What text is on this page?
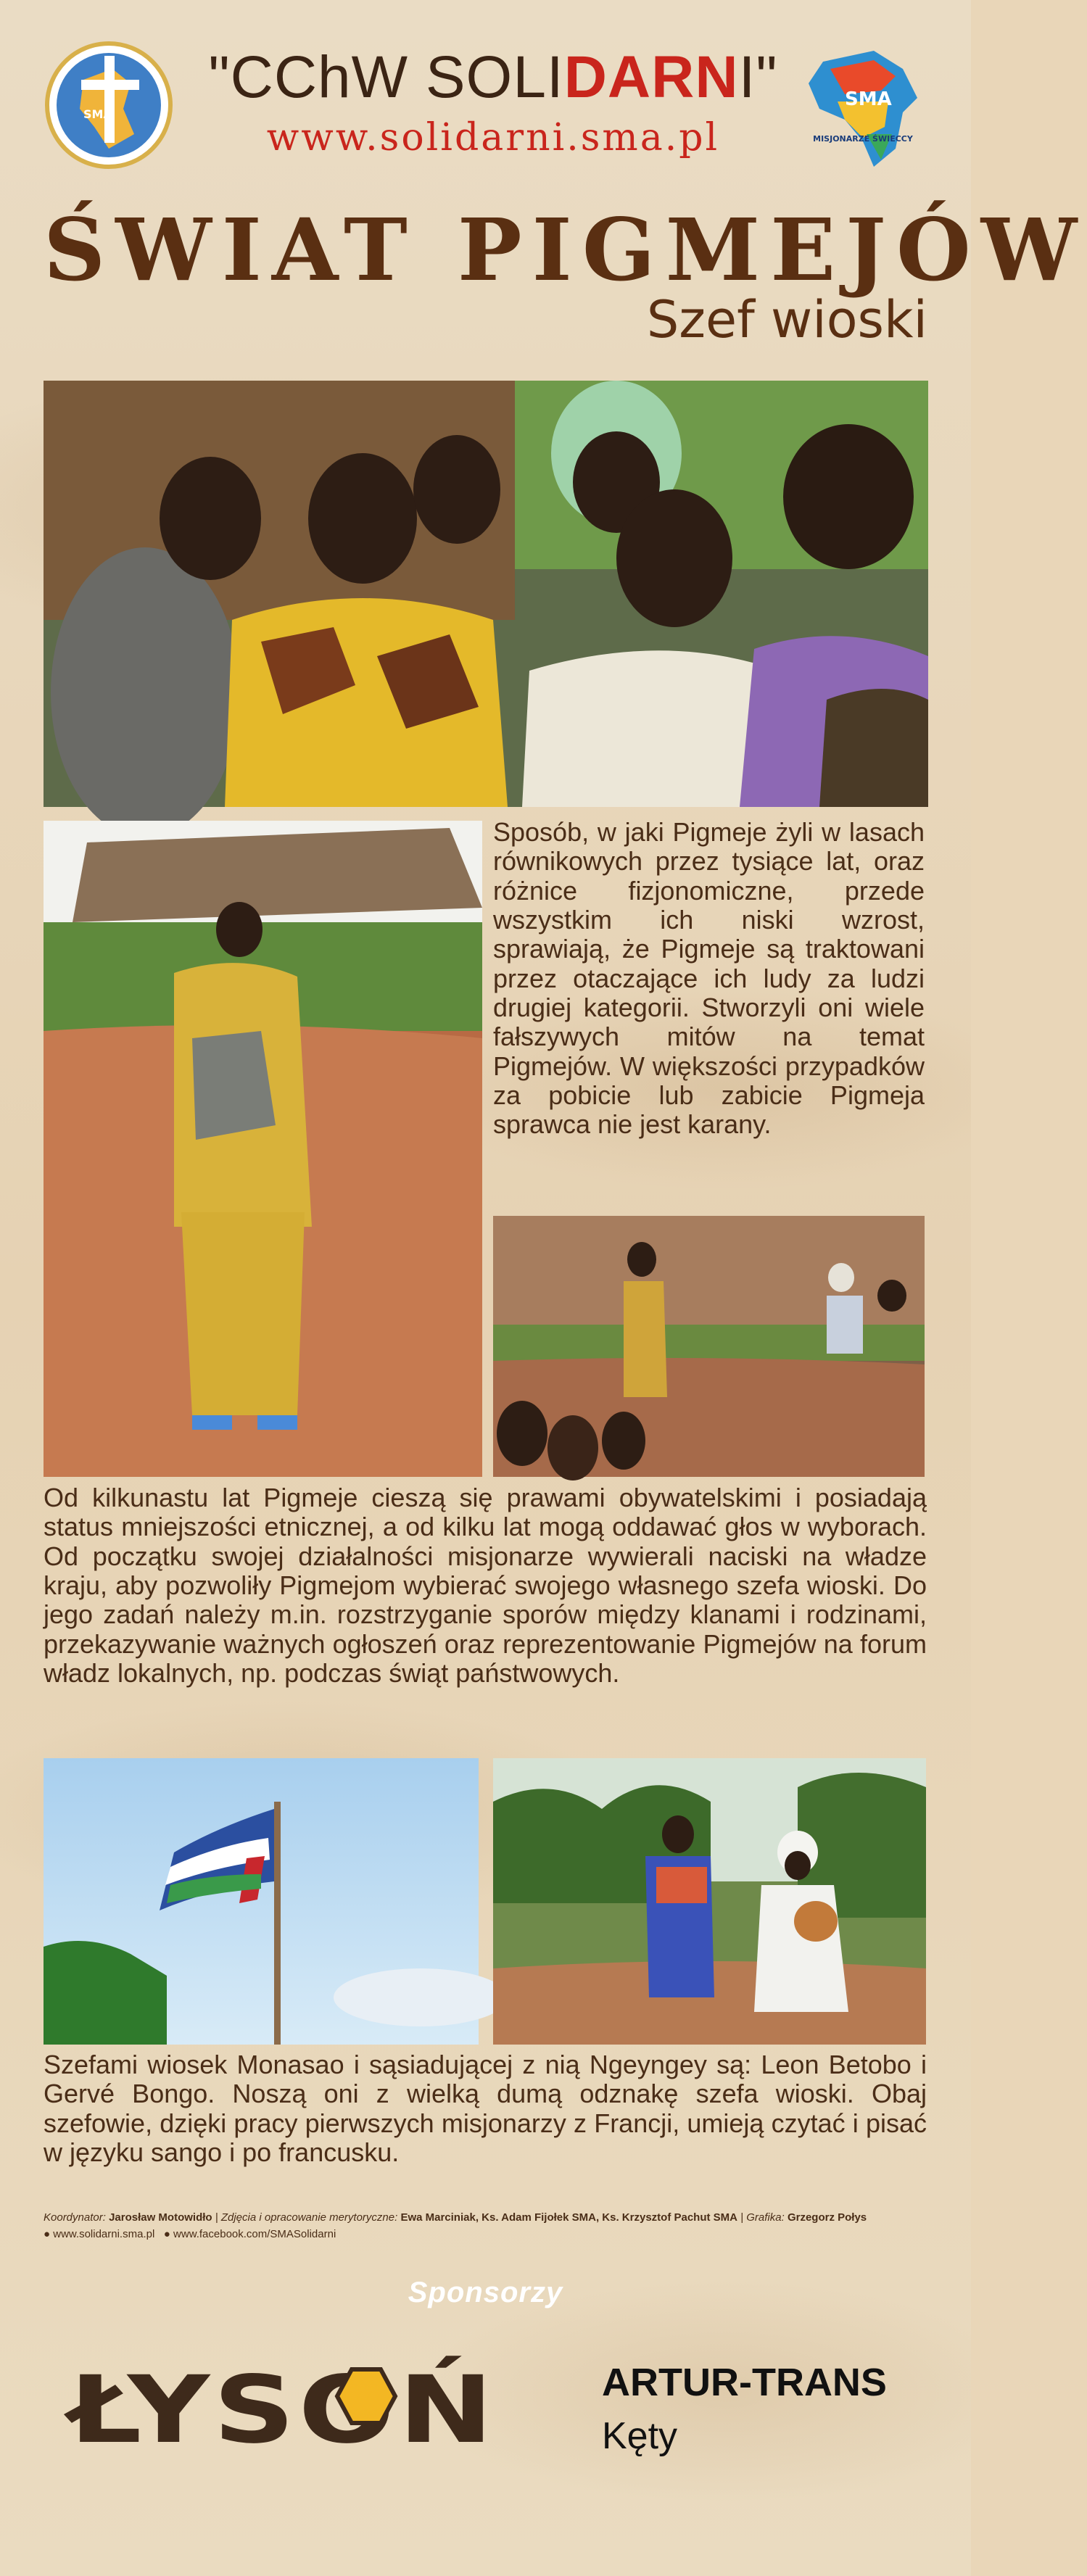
SMA
"CChW SOLIDARNI"
www.solidarni.sma.pl
SMA
MISJONARZE ŚWIECCY
ŚWIAT PIGMEJÓW
Szef wioski
Sposób, w jaki Pigmeje żyli w lasach równikowych przez tysiące lat, oraz różnice fizjonomiczne, przede wszystkim ich niski wzrost, sprawiają, że Pigmeje są traktowani przez otaczające ich ludy za ludzi drugiej kategorii. Stworzyli oni wiele fałszywych mitów na temat Pigmejów. W większości przypadków za pobicie lub zabicie Pigmeja sprawca nie jest karany.
Od kilkunastu lat Pigmeje cieszą się prawami obywatelskimi i posiadają status mniejszości etnicznej, a od kilku lat mogą oddawać głos w wyborach. Od początku swojej działalności misjonarze wywierali naciski na władze kraju, aby pozwoliły Pigmejom wybierać swojego własnego szefa wioski. Do jego zadań należy m.in. rozstrzyganie sporów między klanami i rodzinami, przekazywanie ważnych ogłoszeń oraz reprezentowanie Pigmejów na forum władz lokalnych, np. podczas świąt państwowych.
Szefami wiosek Monasao i sąsiadującej z nią Ngeyngey są: Leon Betobo i Gervé Bongo. Noszą oni z wielką dumą odznakę szefa wioski. Obaj szefowie, dzięki pracy pierwszych misjonarzy z Francji, umieją czytać i pisać w języku sango i po francusku.
Koordynator: Jarosław Motowidło | Zdjęcia i opracowanie merytoryczne: Ewa Marciniak, Ks. Adam Fijołek SMA, Ks. Krzysztof Pachut SMA | Grafika: Grzegorz Połys
● www.solidarni.sma.pl ● www.facebook.com/SMASolidarni
Sponsorzy
ŁYSOŃ	ARTUR-TRANS
Kęty
